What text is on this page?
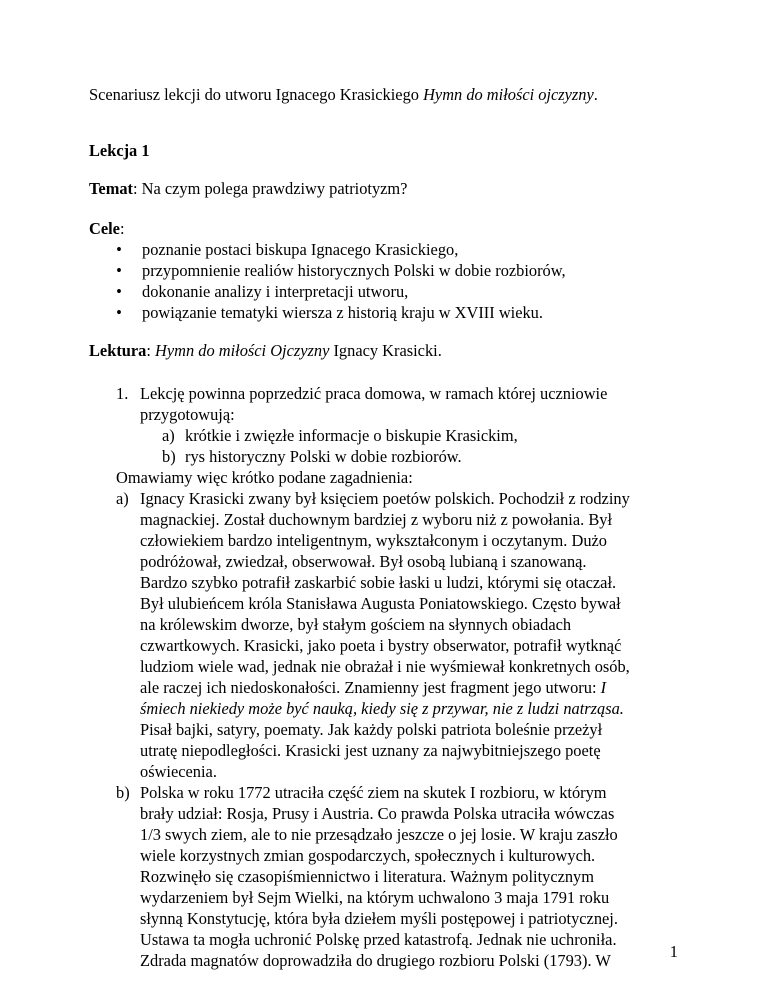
Scenariusz lekcji do utworu Ignacego Krasickiego Hymn do miłości ojczyzny.
Lekcja 1
Temat: Na czym polega prawdziwy patriotyzm?
Cele:
• poznanie postaci biskupa Ignacego Krasickiego,
• przypomnienie realiów historycznych Polski w dobie rozbiorów,
• dokonanie analizy i interpretacji utworu,
• powiązanie tematyki wiersza z historią kraju w XVIII wieku.
Lektura: Hymn do miłości Ojczyzny Ignacy Krasicki.
1. Lekcję powinna poprzedzić praca domowa, w ramach której uczniowie
przygotowują:
a) krótkie i zwięzłe informacje o biskupie Krasickim,
b) rys historyczny Polski w dobie rozbiorów.
Omawiamy więc krótko podane zagadnienia:
a) Ignacy Krasicki zwany był księciem poetów polskich. Pochodził z rodziny
magnackiej. Został duchownym bardziej z wyboru niż z powołania. Był
człowiekiem bardzo inteligentnym, wykształconym i oczytanym. Dużo
podróżował, zwiedzał, obserwował. Był osobą lubianą i szanowaną.
Bardzo szybko potrafił zaskarbić sobie łaski u ludzi, którymi się otaczał.
Był ulubieńcem króla Stanisława Augusta Poniatowskiego. Często bywał
na królewskim dworze, był stałym gościem na słynnych obiadach
czwartkowych. Krasicki, jako poeta i bystry obserwator, potrafił wytknąć
ludziom wiele wad, jednak nie obrażał i nie wyśmiewał konkretnych osób,
ale raczej ich niedoskonałości. Znamienny jest fragment jego utworu: I
śmiech niekiedy może być nauką, kiedy się z przywar, nie z ludzi natrząsa.
Pisał bajki, satyry, poematy. Jak każdy polski patriota boleśnie przeżył
utratę niepodległości. Krasicki jest uznany za najwybitniejszego poetę
oświecenia.
b) Polska w roku 1772 utraciła część ziem na skutek I rozbioru, w którym
brały udział: Rosja, Prusy i Austria. Co prawda Polska utraciła wówczas
1/3 swych ziem, ale to nie przesądzało jeszcze o jej losie. W kraju zaszło
wiele korzystnych zmian gospodarczych, społecznych i kulturowych.
Rozwinęło się czasopiśmiennictwo i literatura. Ważnym politycznym
wydarzeniem był Sejm Wielki, na którym uchwalono 3 maja 1791 roku
słynną Konstytucję, która była dziełem myśli postępowej i patriotycznej.
Ustawa ta mogła uchronić Polskę przed katastrofą. Jednak nie uchroniła.
Zdrada magnatów doprowadziła do drugiego rozbioru Polski (1793). W	1
